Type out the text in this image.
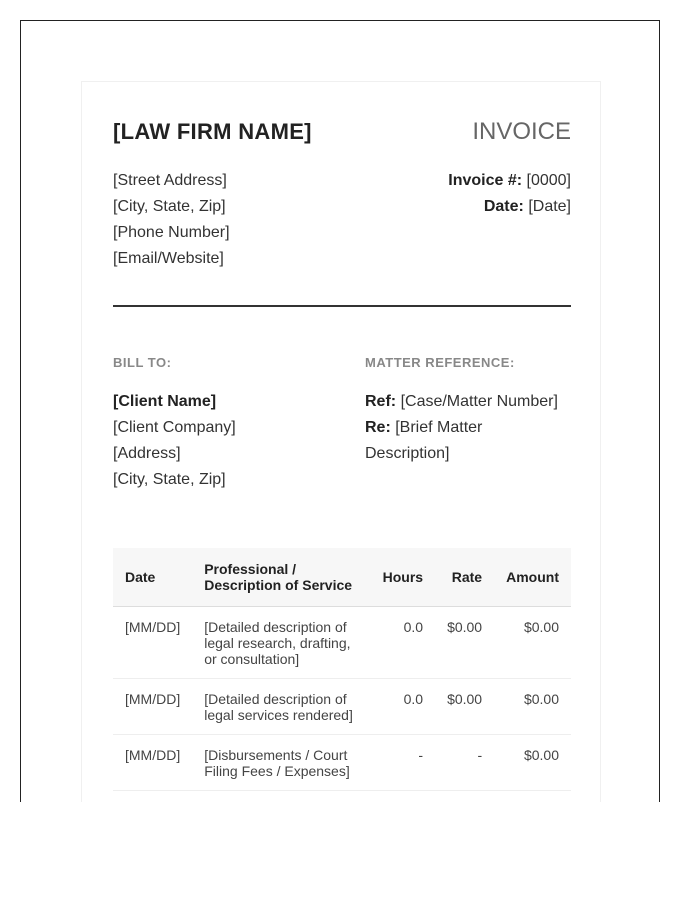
[LAW FIRM NAME]	INVOICE
[Street Address]
[City, State, Zip]
[Phone Number]
[Email/Website]
Invoice #: [0000]
Date: [Date]
BILL TO:	MATTER REFERENCE:
[Client Name]
[Client Company]
[Address]
[City, State, Zip]
Ref: [Case/Matter Number]
Re: [Brief Matter Description]
Date	Professional / Description of Service	Hours	Rate	Amount
[MM/DD]	[Detailed description of legal research, drafting, or consultation]	0.0	$0.00	$0.00
[MM/DD]	[Detailed description of legal services rendered]	0.0	$0.00	$0.00
[MM/DD]	[Disbursements / Court Filing Fees / Expenses]	-	-	$0.00
